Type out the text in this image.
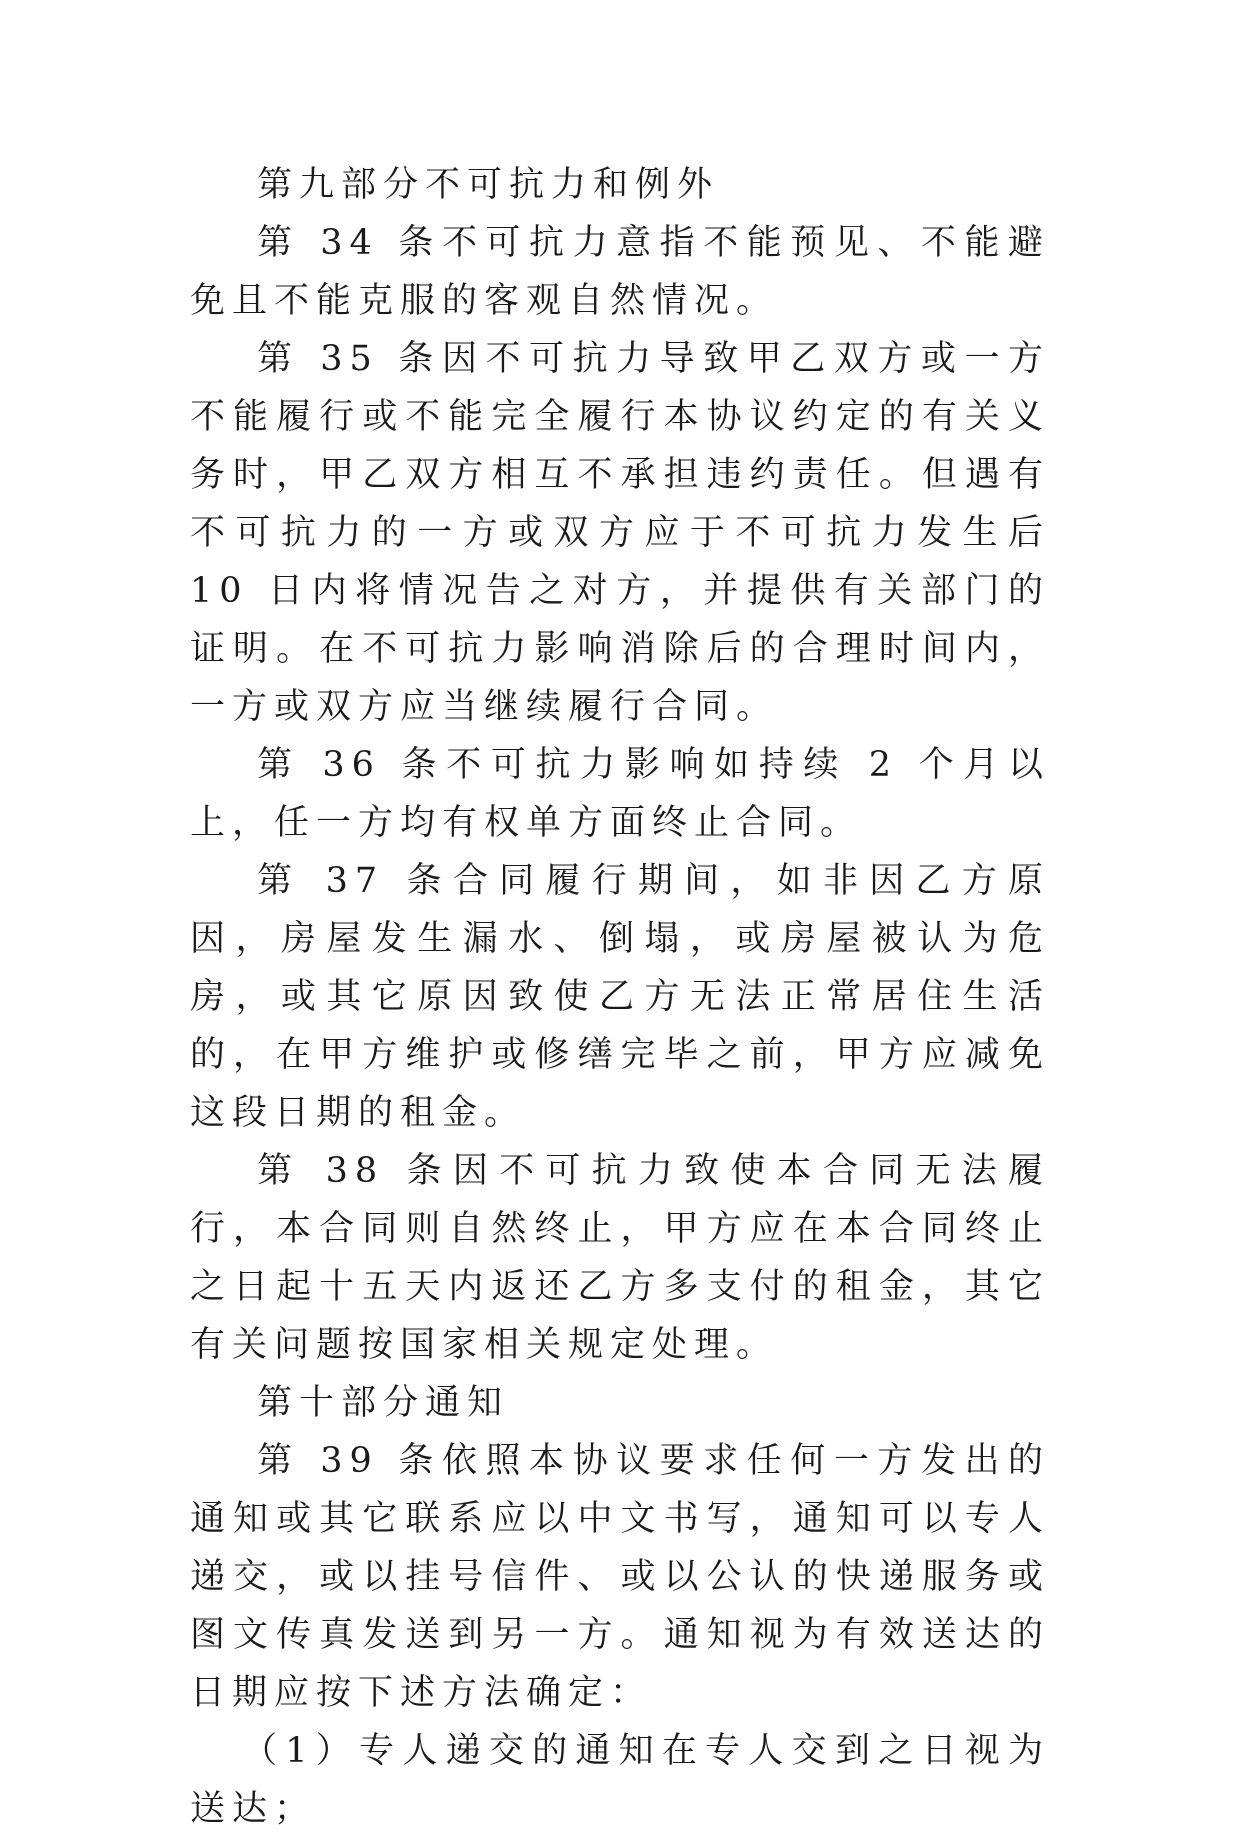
第九部分不可抗力和例外

第 34 条不可抗力意指不能预见、不能避免且不能克服的客观自然情况。

第 35 条因不可抗力导致甲乙双方或一方不能履行或不能完全履行本协议约定的有关义务时，甲乙双方相互不承担违约责任。但遇有不可抗力的一方或双方应于不可抗力发生后 10 日内将情况告之对方，并提供有关部门的证明。在不可抗力影响消除后的合理时间内，一方或双方应当继续履行合同。

第 36 条不可抗力影响如持续 2 个月以上，任一方均有权单方面终止合同。

第 37 条合同履行期间，如非因乙方原因，房屋发生漏水、倒塌，或房屋被认为危房，或其它原因致使乙方无法正常居住生活的，在甲方维护或修缮完毕之前，甲方应减免这段日期的租金。

第 38 条因不可抗力致使本合同无法履行，本合同则自然终止，甲方应在本合同终止之日起十五天内返还乙方多支付的租金，其它有关问题按国家相关规定处理。

第十部分通知

第 39 条依照本协议要求任何一方发出的通知或其它联系应以中文书写，通知可以专人递交，或以挂号信件、或以公认的快递服务或图文传真发送到另一方。通知视为有效送达的日期应按下述方法确定：

（1）专人递交的通知在专人交到之日视为送达；
